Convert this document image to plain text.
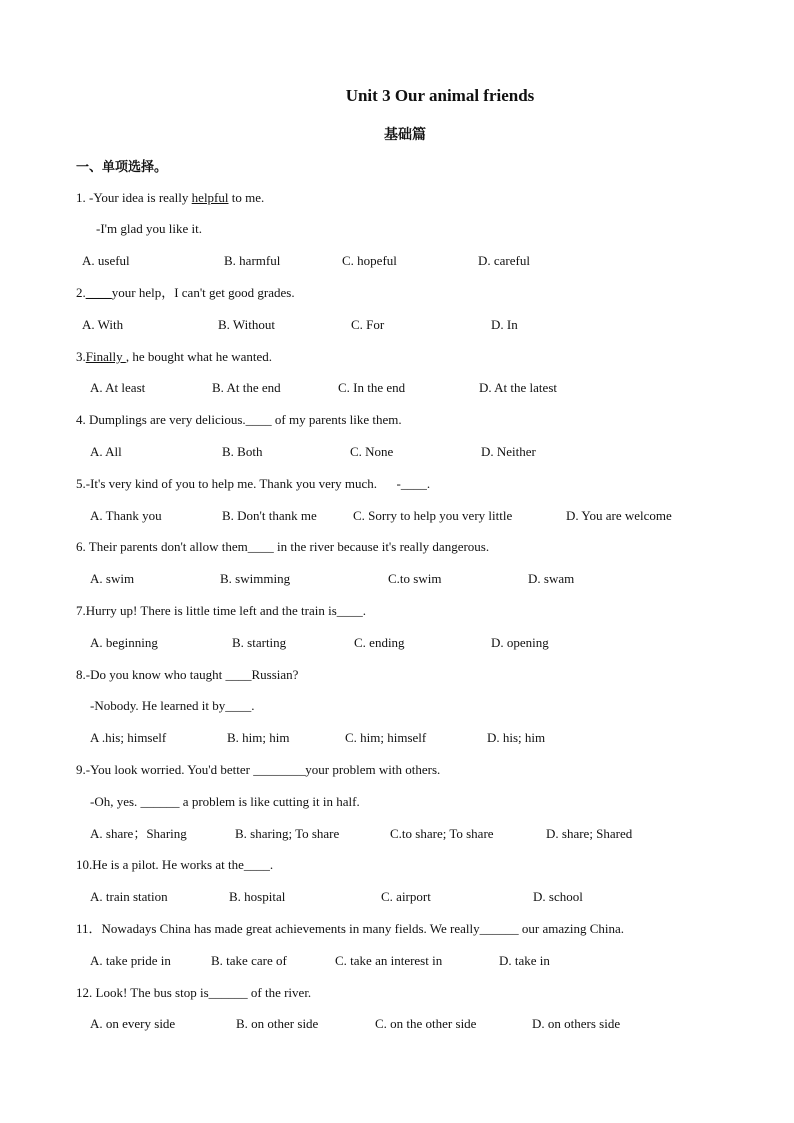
Unit 3 Our animal friends
基础篇
一、单项选择。
1. -Your idea is really helpful to me.
-I'm glad you like it.
A. useful	B. harmful	C. hopeful	D. careful
2.____your help，I can't get good grades.
A. With	B. Without	C. For	D. In
3.Finally , he bought what he wanted.
A. At least	B. At the end	C. In the end	D. At the latest
4. Dumplings are very delicious.____ of my parents like them.
A. All	B. Both	C. None	D. Neither
5.-It's very kind of you to help me. Thank you very much.      -____.
A. Thank you	B. Don't thank me	C. Sorry to help you very little	D. You are welcome
6. Their parents don't allow them____ in the river because it's really dangerous.
A. swim	B. swimming	C.to swim	D. swam
7.Hurry up! There is little time left and the train is____.
A. beginning	B. starting	C. ending	D. opening
8.-Do you know who taught ____Russian?
-Nobody. He learned it by____.
A .his; himself	B. him; him	C. him; himself	D. his; him
9.-You look worried. You'd better ________your problem with others.
-Oh, yes. ______ a problem is like cutting it in half.
A. share；Sharing	B. sharing; To share	C.to share; To share	D. share; Shared
10.He is a pilot. He works at the____.
A. train station	B. hospital	C. airport	D. school
11．Nowadays China has made great achievements in many fields. We really______ our amazing China.
A. take pride in	B. take care of	C. take an interest in	D. take in
12. Look! The bus stop is______ of the river.
A. on every side	B. on other side	C. on the other side	D. on others side
